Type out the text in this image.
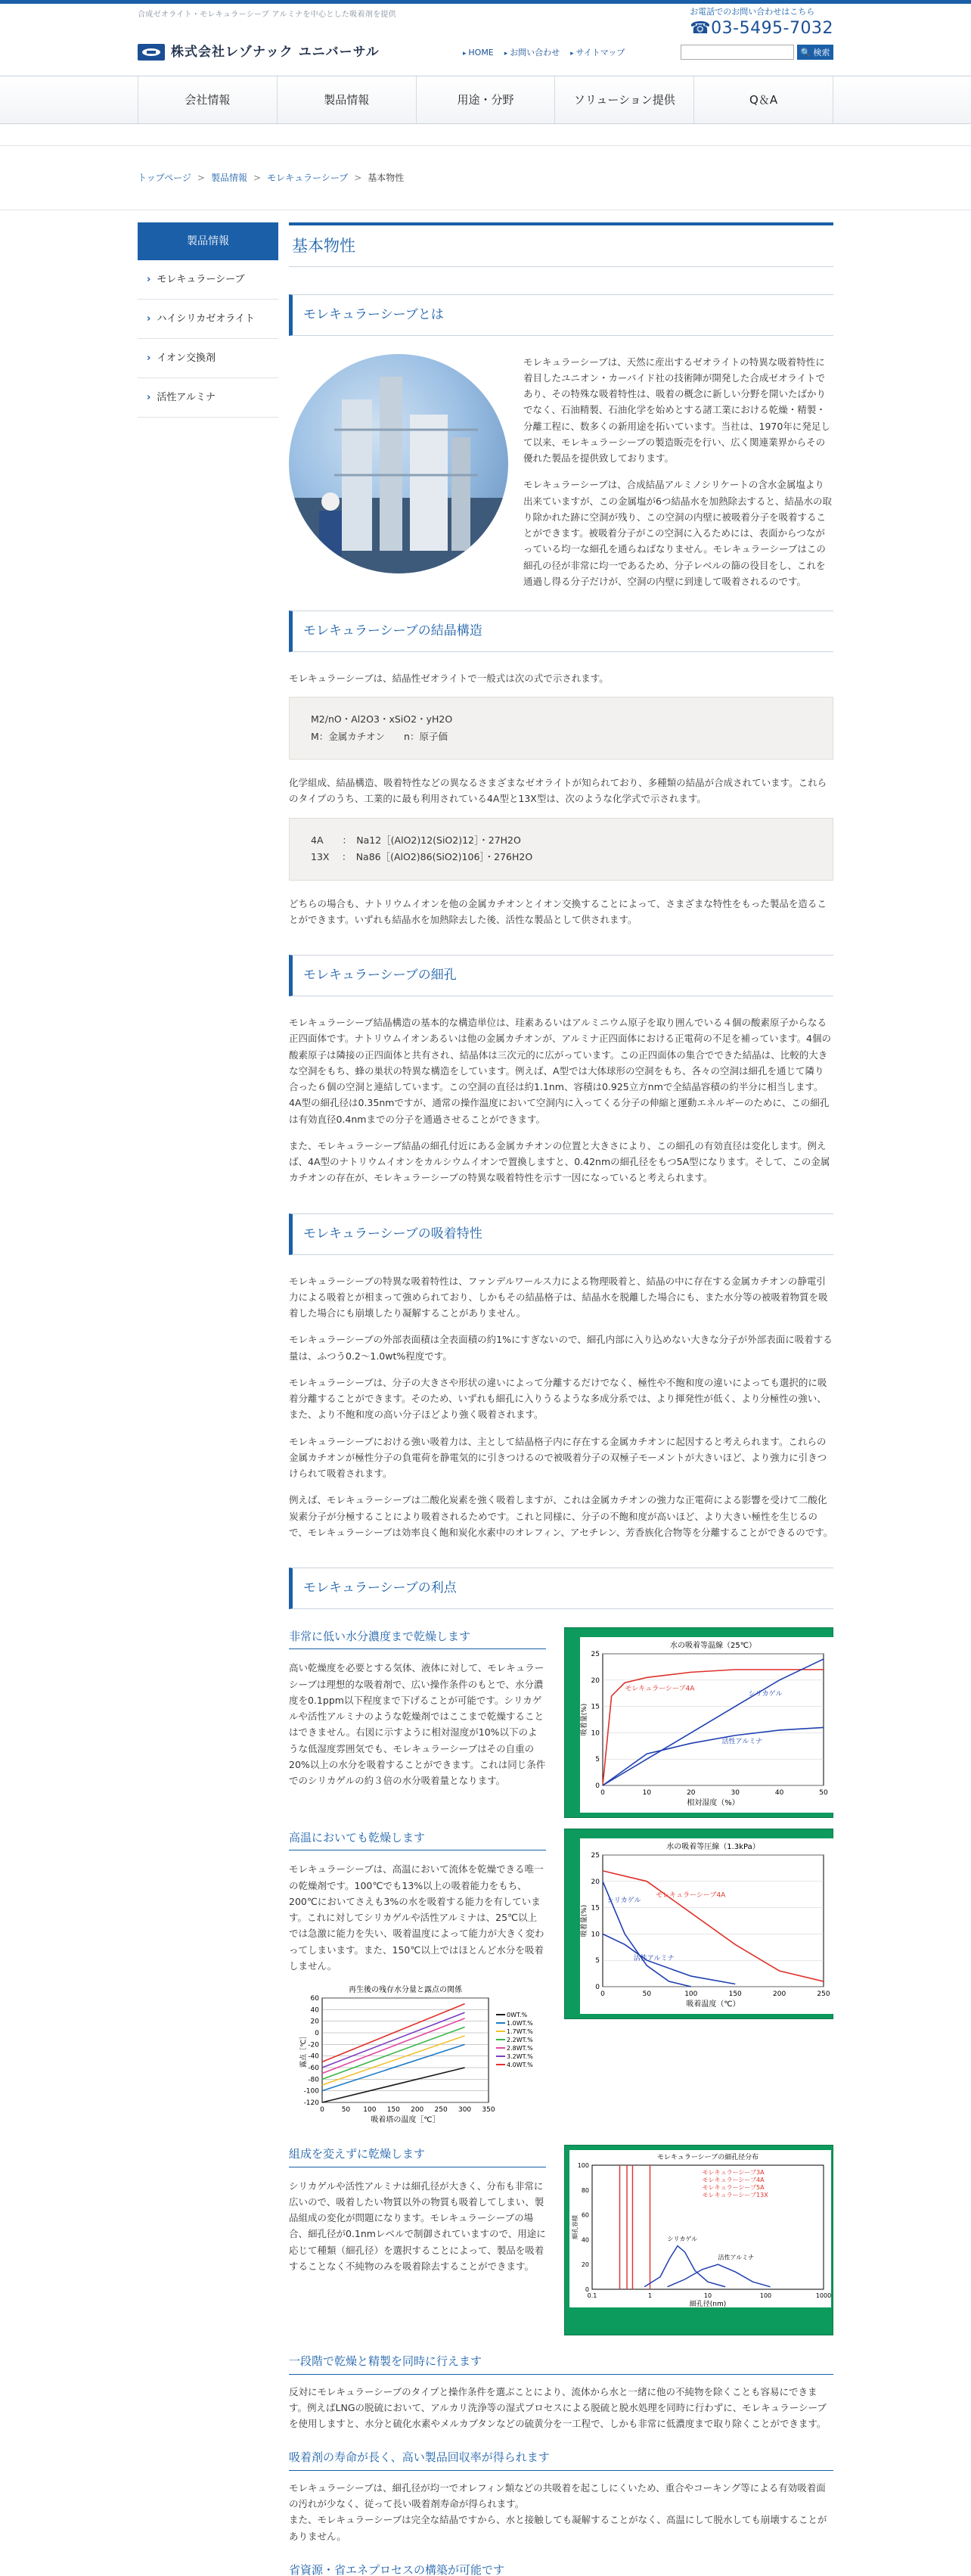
合成ゼオライト・モレキュラーシーブ アルミナを中心とした吸着剤を提供
株式会社レゾナック ユニバーサル
お電話でのお問い合わせはこちら
☎03-5495-7032
▸ HOME	▸ お問い合わせ	▸ サイトマップ	🔍 検索
会社情報	製品情報	用途・分野	ソリューション提供	Q＆A
トップページ > 製品情報 > モレキュラーシーブ > 基本物性
製品情報
› モレキュラーシーブ
› ハイシリカゼオライト
› イオン交換剤
› 活性アルミナ
基本物性
モレキュラーシーブとは

モレキュラーシーブは、天然に産出するゼオライトの特異な吸着特性に着目したユニオン・カーバイド社の技術陣が開発した合成ゼオライトであり、その特殊な吸着特性は、吸着の概念に新しい分野を開いたばかりでなく、石油精製、石油化学を始めとする諸工業における乾燥・精製・分離工程に、数多くの新用途を拓いています。当社は、1970年に発足して以来、モレキュラーシーブの製造販売を行い、広く関連業界からその優れた製品を提供致しております。

モレキュラーシーブは、合成結晶アルミノシリケートの含水金属塩より出来ていますが、この金属塩が6つ結晶水を加熱除去すると、結晶水の取り除かれた跡に空洞が残り、この空洞の内壁に被吸着分子を吸着することができます。被吸着分子がこの空洞に入るためには、表面からつながっている均一な細孔を通らねばなりません。モレキュラーシーブはこの細孔の径が非常に均一であるため、分子レベルの篩の役目をし、これを通過し得る分子だけが、空洞の内壁に到達して吸着されるのです。

モレキュラーシーブの結晶構造

モレキュラーシーブは、結晶性ゼオライトで一般式は次の式で示されます。

M2/nO・Al2O3・xSiO2・yH2O
M：金属カチオン　　n：原子価

化学組成、結晶構造、吸着特性などの異なるさまざまなゼオライトが知られており、多種類の結晶が合成されています。これらのタイプのうち、工業的に最も利用されている4A型と13X型は、次のような化学式で示されます。

4A　　：　Na12［(AlO2)12(SiO2)12］・27H2O
13X　 ：　Na86［(AlO2)86(SiO2)106］・276H2O

どちらの場合も、ナトリウムイオンを他の金属カチオンとイオン交換することによって、さまざまな特性をもった製品を造ることができます。いずれも結晶水を加熱除去した後、活性な製品として供されます。

モレキュラーシーブの細孔

モレキュラーシーブ結晶構造の基本的な構造単位は、珪素あるいはアルミニウム原子を取り囲んでいる４個の酸素原子からなる正四面体です。ナトリウムイオンあるいは他の金属カチオンが、アルミナ正四面体における正電荷の不足を補っています。4個の酸素原子は隣接の正四面体と共有され、結晶体は三次元的に広がっています。この正四面体の集合でできた結晶は、比較的大きな空洞をもち、蜂の巣状の特異な構造をしています。例えば、A型では大体球形の空洞をもち、各々の空洞は細孔を通じて隣り合った６個の空洞と連結しています。この空洞の直径は約1.1nm、容積は0.925立方nmで全結晶容積の約半分に相当します。
4A型の細孔径は0.35nmですが、通常の操作温度において空洞内に入ってくる分子の伸縮と運動エネルギーのために、この細孔は有効直径0.4nmまでの分子を通過させることができます。

また、モレキュラーシーブ結晶の細孔付近にある金属カチオンの位置と大きさにより、この細孔の有効直径は変化します。例えば、4A型のナトリウムイオンをカルシウムイオンで置換しますと、0.42nmの細孔径をもつ5A型になります。そして、この金属カチオンの存在が、モレキュラーシーブの特異な吸着特性を示す一因になっていると考えられます。

モレキュラーシーブの吸着特性

モレキュラーシーブの特異な吸着特性は、ファンデルワールス力による物理吸着と、結晶の中に存在する金属カチオンの静電引力による吸着とが相まって強められており、しかもその結晶格子は、結晶水を脱離した場合にも、また水分等の被吸着物質を吸着した場合にも崩壊したり凝解することがありません。

モレキュラーシーブの外部表面積は全表面積の約1%にすぎないので、細孔内部に入り込めない大きな分子が外部表面に吸着する量は、ふつう0.2〜1.0wt%程度です。

モレキュラーシーブは、分子の大きさや形状の違いによって分離するだけでなく、極性や不飽和度の違いによっても選択的に吸着分離することができます。そのため、いずれも細孔に入りうるような多成分系では、より揮発性が低く、より分極性の強い、また、より不飽和度の高い分子ほどより強く吸着されます。

モレキュラーシーブにおける強い吸着力は、主として結晶格子内に存在する金属カチオンに起因すると考えられます。これらの金属カチオンが極性分子の負電荷を静電気的に引きつけるので被吸着分子の双極子モーメントが大きいほど、より強力に引きつけられて吸着されます。

例えば、モレキュラーシーブは二酸化炭素を強く吸着しますが、これは金属カチオンの強力な正電荷による影響を受けて二酸化炭素分子が分極することにより吸着されるためです。これと同様に、分子の不飽和度が高いほど、より大きい極性を生じるので、モレキュラーシーブは効率良く飽和炭化水素中のオレフィン、アセチレン、芳香族化合物等を分離することができるのです。

モレキュラーシーブの利点
非常に低い水分濃度まで乾燥します

高い乾燥度を必要とする気体、液体に対して、モレキュラーシーブは理想的な吸着剤で、広い操作条件のもとで、水分濃度を0.1ppm以下程度まで下げることが可能です。シリカゲルや活性アルミナのような乾燥剤ではここまで乾燥することはできません。右図に示すように相対湿度が10%以下のような低湿度雰囲気でも、モレキュラーシーブはその自重の20%以上の水分を吸着することができます。これは同じ条件でのシリカゲルの約３倍の水分吸着量となります。

水の吸着等温線（25℃）
0	10	20	30	40	50
0
5
10
15
20
25
相対湿度（%）
吸着量(%)
モレキュラーシーブ4A
シリカゲル
活性アルミナ
高温においても乾燥します

モレキュラーシーブは、高温において流体を乾燥できる唯一の乾燥剤です。100℃でも13%以上の吸着能力をもち、200℃においてさえも3%の水を吸着する能力を有しています。これに対してシリカゲルや活性アルミナは、25℃以上では急激に能力を失い、吸着温度によって能力が大きく変わってしまいます。また、150℃以上ではほとんど水分を吸着しません。

再生後の残存水分量と露点の関係
0	50 100 150 200 250 300 350
60
40
20
0
-20
-40
-60
-80
-100
-120
吸着塔の温度［℃］
露点［℃］
0WT.%
1.0WT.%
1.7WT.%
2.2WT.%
2.8WT.%
3.2WT.%
4.0WT.%
水の吸着等圧線（1.3kPa）
0	50	100	150	200	250
0
5
10
15
20
25
吸着温度（℃）
吸着量(%)
モレキュラーシーブ4A
シリカゲル
活性アルミナ
組成を変えずに乾燥します

シリカゲルや活性アルミナは細孔径が大きく、分布も非常に広いので、吸着したい物質以外の物質も吸着してしまい、製品組成の変化が問題になります。モレキュラーシーブの場合、細孔径が0.1nmレベルで制御されていますので、用途に応じて種類（細孔径）を選択することによって、製品を吸着することなく不純物のみを吸着除去することができます。

モレキュラーシーブの細孔径分布
0.1	1	10	100	1000
0
20
40
60
80
100
細孔径(nm)
細孔容積	シリカゲル
活性アルミナ
モレキュラーシーブ3A
モレキュラーシーブ4A
モレキュラーシーブ5A
モレキュラーシーブ13X
一段階で乾燥と精製を同時に行えます

反対にモレキュラーシーブのタイプと操作条件を選ぶことにより、流体から水と一緒に他の不純物を除くことも容易にできます。例えばLNGの脱硫において、アルカリ洗浄等の湿式プロセスによる脱硫と脱水処理を同時に行わずに、モレキュラーシーブを使用しますと、水分と硫化水素やメルカプタンなどの硫黄分を一工程で、しかも非常に低濃度まで取り除くことができます。

吸着剤の寿命が長く、高い製品回収率が得られます

モレキュラーシーブは、細孔径が均一でオレフィン類などの共吸着を起こしにくいため、重合やコーキング等による有効吸着面の汚れが少なく、従って長い吸着剤寿命が得られます。
また、モレキュラーシーブは完全な結晶ですから、水と接触しても凝解することがなく、高温にして脱水しても崩壊することがありません。

省資源・省エネプロセスの構築が可能です
